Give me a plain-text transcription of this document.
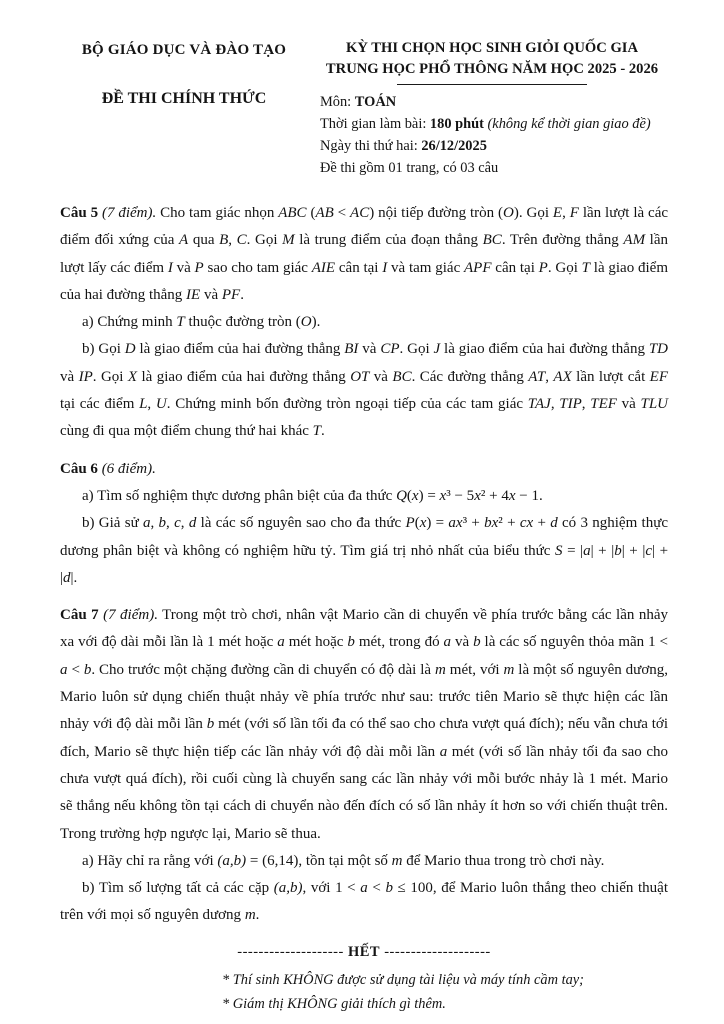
BỘ GIÁO DỤC VÀ ĐÀO TẠO
ĐỀ THI CHÍNH THỨC
KỲ THI CHỌN HỌC SINH GIỎI QUỐC GIA
TRUNG HỌC PHỔ THÔNG NĂM HỌC 2025 - 2026
Môn: TOÁN
Thời gian làm bài: 180 phút (không kể thời gian giao đề)
Ngày thi thứ hai: 26/12/2025
Đề thi gồm 01 trang, có 03 câu

Câu 5 (7 điểm). Cho tam giác nhọn ABC (AB < AC) nội tiếp đường tròn (O). Gọi E, F lần lượt là các điểm đối xứng của A qua B, C. Gọi M là trung điểm của đoạn thẳng BC. Trên đường thẳng AM lần lượt lấy các điểm I và P sao cho tam giác AIE cân tại I và tam giác APF cân tại P. Gọi T là giao điểm của hai đường thẳng IE và PF.

a) Chứng minh T thuộc đường tròn (O).

b) Gọi D là giao điểm của hai đường thẳng BI và CP. Gọi J là giao điểm của hai đường thẳng TD và IP. Gọi X là giao điểm của hai đường thẳng OT và BC. Các đường thẳng AT, AX lần lượt cắt EF tại các điểm L, U. Chứng minh bốn đường tròn ngoại tiếp của các tam giác TAJ, TIP, TEF và TLU cùng đi qua một điểm chung thứ hai khác T.

Câu 6 (6 điểm).

a) Tìm số nghiệm thực dương phân biệt của đa thức Q(x) = x³ − 5x² + 4x − 1.

b) Giả sử a, b, c, d là các số nguyên sao cho đa thức P(x) = ax³ + bx² + cx + d có 3 nghiệm thực dương phân biệt và không có nghiệm hữu tỷ. Tìm giá trị nhỏ nhất của biểu thức S = |a| + |b| + |c| + |d|.

Câu 7 (7 điểm). Trong một trò chơi, nhân vật Mario cần di chuyển về phía trước bằng các lần nhảy xa với độ dài mỗi lần là 1 mét hoặc a mét hoặc b mét, trong đó a và b là các số nguyên thỏa mãn 1 < a < b. Cho trước một chặng đường cần di chuyển có độ dài là m mét, với m là một số nguyên dương, Mario luôn sử dụng chiến thuật nhảy về phía trước như sau: trước tiên Mario sẽ thực hiện các lần nhảy với độ dài mỗi lần b mét (với số lần tối đa có thể sao cho chưa vượt quá đích); nếu vẫn chưa tới đích, Mario sẽ thực hiện tiếp các lần nhảy với độ dài mỗi lần a mét (với số lần nhảy tối đa sao cho chưa vượt quá đích), rồi cuối cùng là chuyển sang các lần nhảy với mỗi bước nhảy là 1 mét. Mario sẽ thắng nếu không tồn tại cách di chuyển nào đến đích có số lần nhảy ít hơn so với chiến thuật trên. Trong trường hợp ngược lại, Mario sẽ thua.

a) Hãy chỉ ra rằng với (a,b) = (6,14), tồn tại một số m để Mario thua trong trò chơi này.

b) Tìm số lượng tất cả các cặp (a,b), với 1 < a < b ≤ 100, để Mario luôn thắng theo chiến thuật trên với mọi số nguyên dương m.

-------------------- HẾT --------------------
* Thí sinh KHÔNG được sử dụng tài liệu và máy tính cầm tay;
* Giám thị KHÔNG giải thích gì thêm.
